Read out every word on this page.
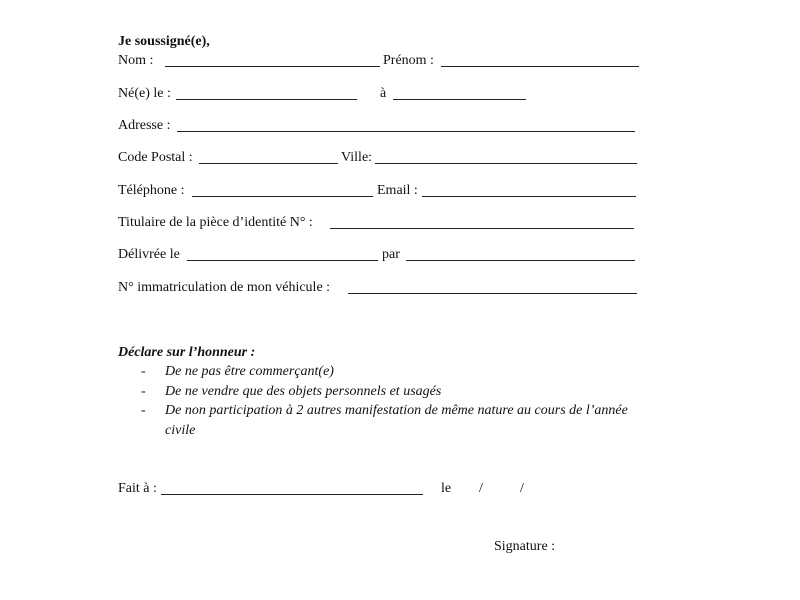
Je soussigné(e),
Nom :	Prénom :
Né(e) le :	à
Adresse :
Code Postal :	Ville:
Téléphone :	Email :
Titulaire de la pièce d’identité N° :
Délivrée le	par
N° immatriculation de mon véhicule :
Déclare sur l’honneur :
- De ne pas être commerçant(e)
- De ne vendre que des objets personnels et usagés
- De non participation à 2 autres manifestation de même nature au cours de l’année
civile
Fait à :	le /	/
Signature :
